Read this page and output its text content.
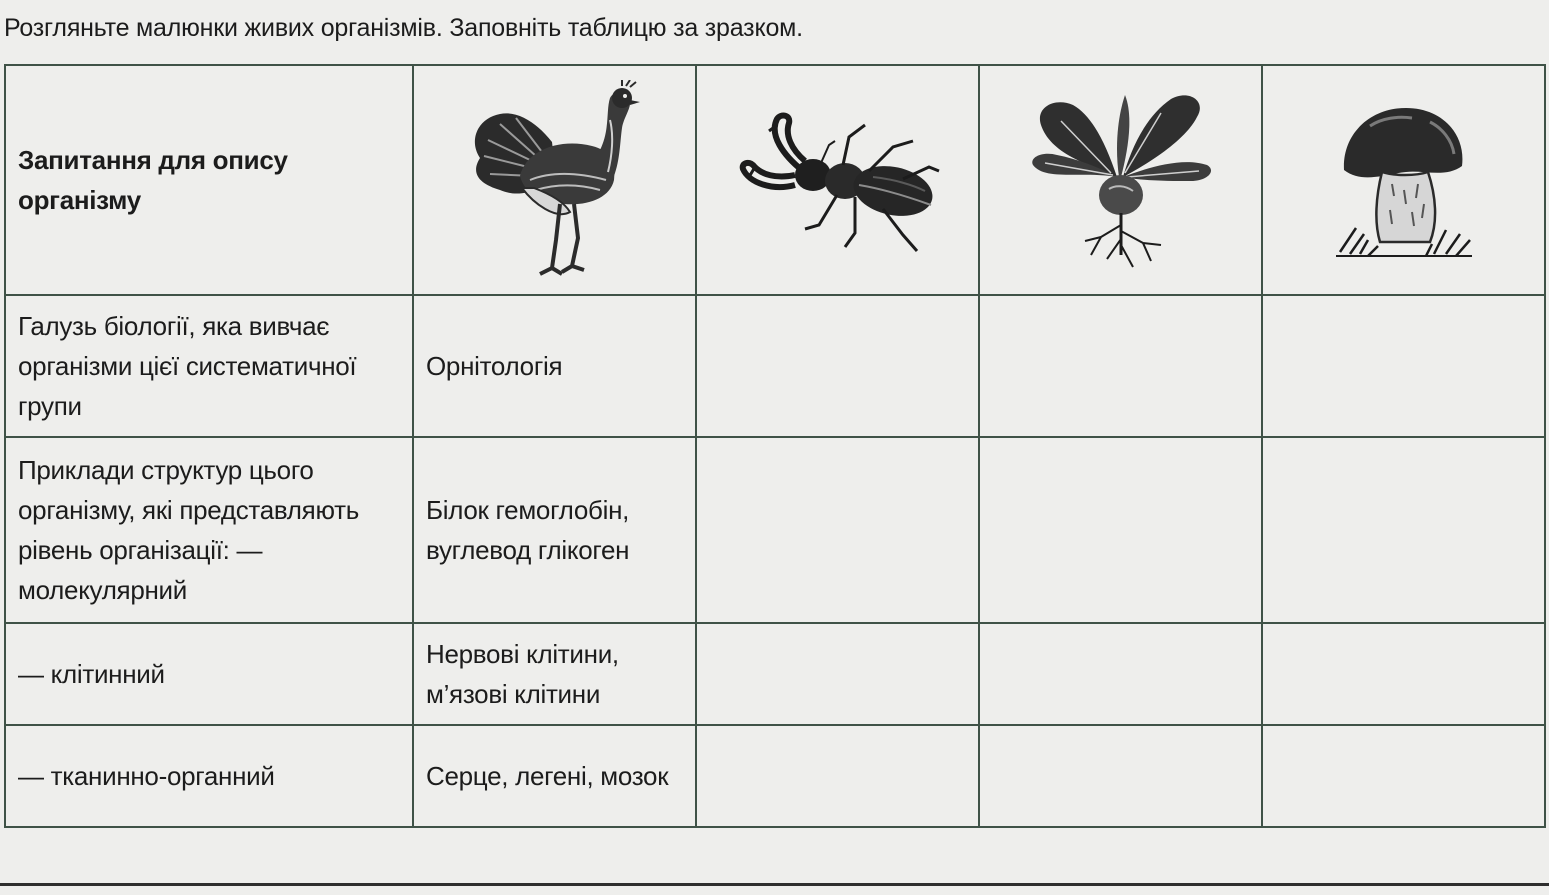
Розгляньте малюнки живих організмів. Заповніть таблицю за зразком.
Запитання для опису організму	

Галузь біології, яка вивчає організми цієї систематичної групи	Орнітологія			
Приклади структур цього організму, які представляють рівень організації: — молекулярний	Білок гемоглобін, вуглевод глікоген			
— клітинний	Нервові клітини, м’язові клітини			
— тканинно-органний	Серце, легені, мозок			
